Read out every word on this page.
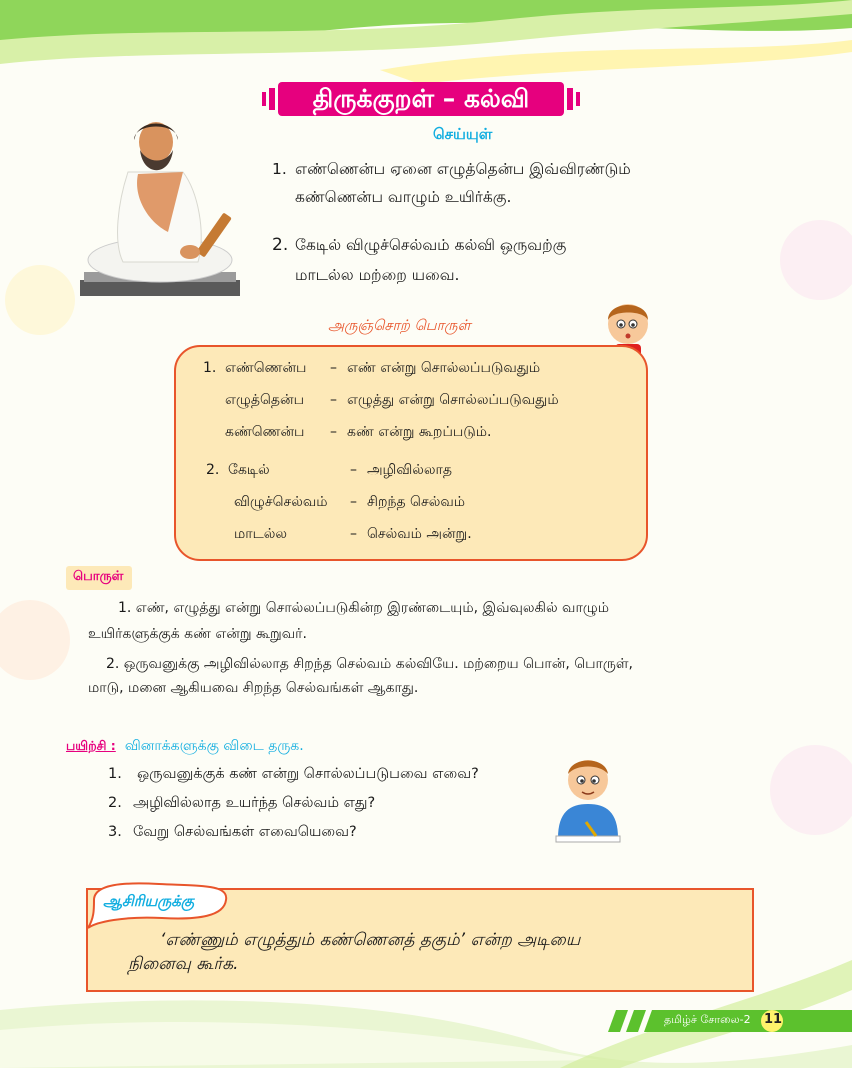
திருக்குறள் – கல்வி
செய்யுள்
1. எண்ணென்ப ஏனை எழுத்தென்ப இவ்விரண்டும்
கண்ணென்ப வாழும் உயிர்க்கு.
2. கேடில் விழுச்செல்வம் கல்வி ஒருவற்கு
மாடல்ல மற்றை யவை.
அருஞ்சொற் பொருள்
1. எண்ணென்ப – எண் என்று சொல்லப்படுவதும்
எழுத்தென்ப – எழுத்து என்று சொல்லப்படுவதும்
கண்ணென்ப – கண் என்று கூறப்படும்.
2. கேடில்	– அழிவில்லாத
விழுச்செல்வம் – சிறந்த செல்வம்
மாடல்ல	– செல்வம் அன்று.
பொருள்
1. எண், எழுத்து என்று சொல்லப்படுகின்ற இரண்டையும், இவ்வுலகில் வாழும்
உயிர்களுக்குக் கண் என்று கூறுவர்.
2. ஒருவனுக்கு அழிவில்லாத சிறந்த செல்வம் கல்வியே. மற்றைய பொன், பொருள்,
மாடு, மனை ஆகியவை சிறந்த செல்வங்கள் ஆகாது.
பயிற்சி : வினாக்களுக்கு விடை தருக.
1. ஒருவனுக்குக் கண் என்று சொல்லப்படுபவை எவை?
2. அழிவில்லாத உயர்ந்த செல்வம் எது?
3. வேறு செல்வங்கள் எவையெவை?
ஆசிரியருக்கு
‘எண்ணும் எழுத்தும் கண்ணெனத் தகும்’ என்ற அடியை
நினைவு கூர்க.
தமிழ்ச் சோலை-2 11
